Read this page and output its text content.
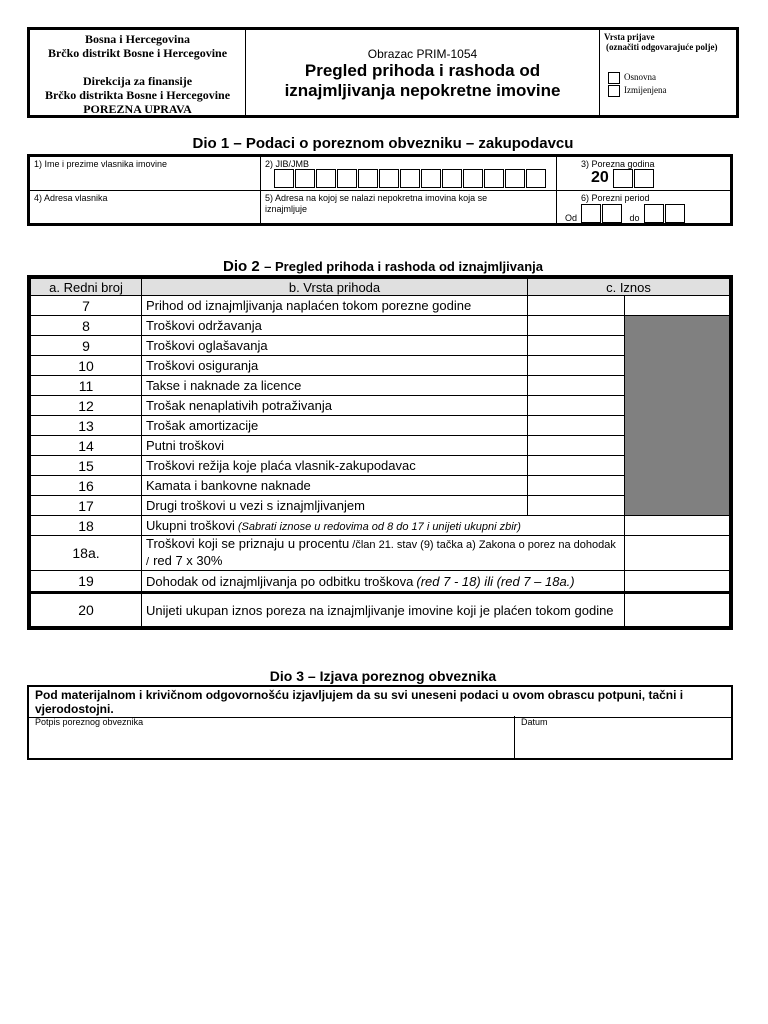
Bosna i Hercegovina
Brčko distrikt Bosne i Hercegovine
Direkcija za finansije
Brčko distrikta Bosne i Hercegovine
POREZNA UPRAVA
Obrazac PRIM-1054
Pregled prihoda i rashoda od
iznajmljivanja nepokretne imovine
Vrsta prijave
(označiti odgovarajuće polje)
Osnovna
Izmijenjena
Dio 1 – Podaci o poreznom obvezniku – zakupodavcu
1) Ime i prezime vlasnika imovine	2) JIB/JMB	3) Porezna godina
20
4) Adresa vlasnika	5) Adresa na kojoj se nalazi nepokretna imovina koja se
iznajmljuje
6) Porezni period
Od	do
Dio 2 – Pregled prihoda i rashoda od iznajmljivanja
a. Redni broj	b. Vrsta prihoda	c. Iznos	
7	Prihod od iznajmljivanja naplaćen tokom porezne godine		
8	Troškovi održavanja		
9	Troškovi oglašavanja		
10	Troškovi osiguranja		
11	Takse i naknade za licence		
12	Trošak nenaplativih potraživanja		
13	Trošak amortizacije		
14	Putni troškovi		
15	Troškovi režija koje plaća vlasnik-zakupodavac		
16	Kamata i bankovne naknade		
17	Drugi troškovi u vezi s iznajmljivanjem		
18	Ukupni troškovi (Sabrati iznose u redovima od 8 do 17 i unijeti ukupni zbir)		
18a.	Troškovi koji se priznaju u procentu /član 21. stav (9) tačka a) Zakona o porez na dohodak / red 7 x 30%		
19	Dohodak od iznajmljivanja po odbitku troškova (red 7 - 18) ili (red 7 – 18a.)		
20	Unijeti ukupan iznos poreza na iznajmljivanje imovine koji je plaćen tokom godine		
Dio 3 – Izjava poreznog obveznika
Pod materijalnom i krivičnom odgovornošću izjavljujem da su svi uneseni podaci u ovom obrascu potpuni, tačni i vjerodostojni.
Potpis poreznog obveznika	Datum
